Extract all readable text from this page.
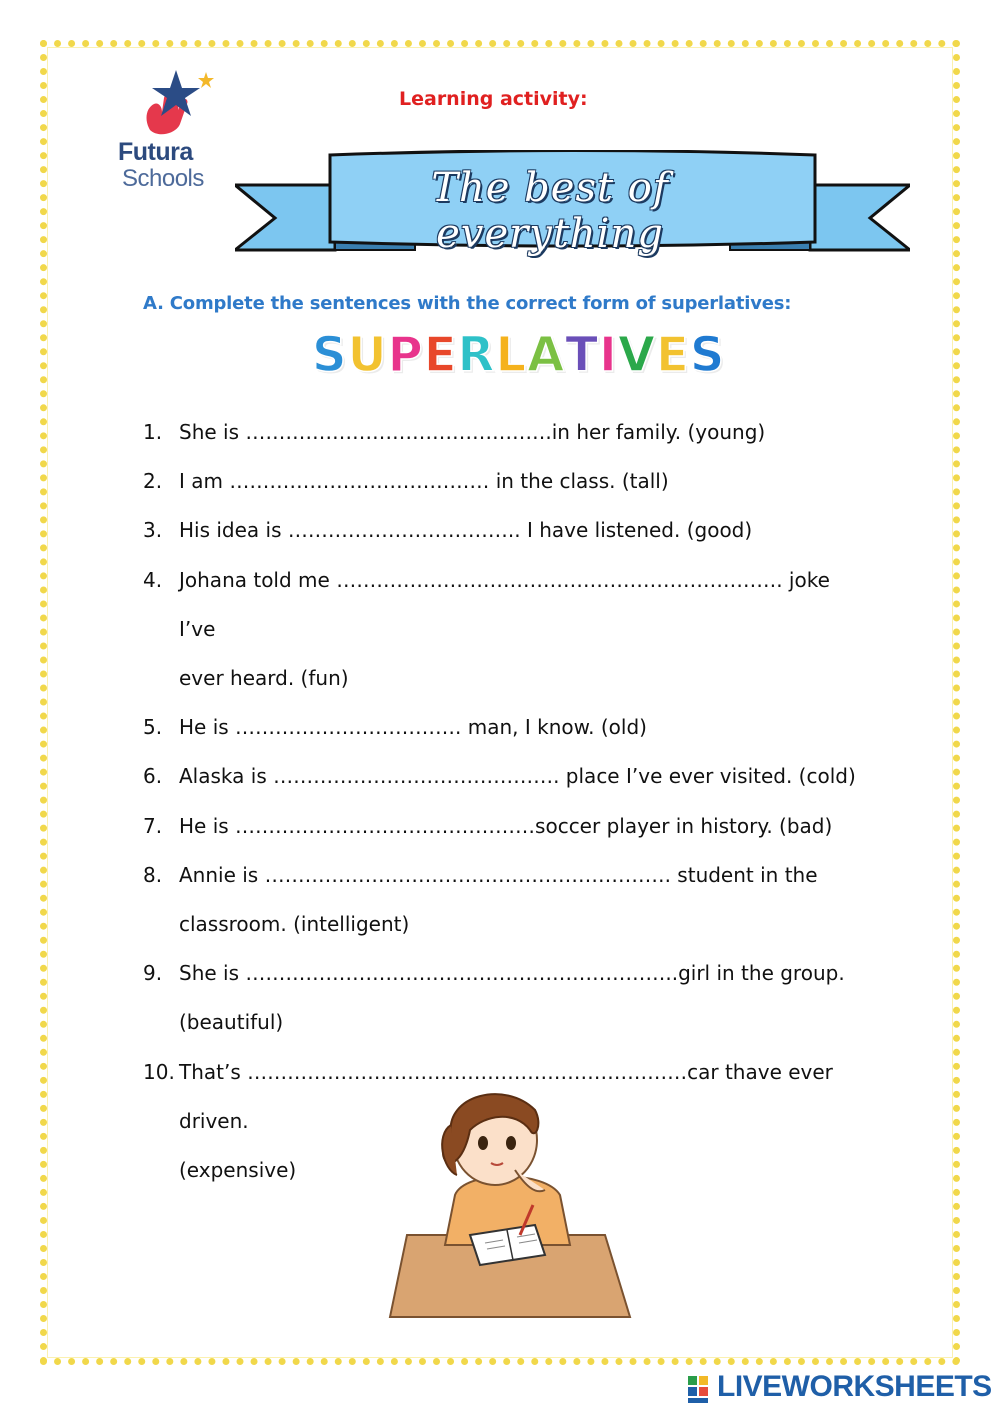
Futura
Schools
Learning activity:
The best of everything
A. Complete the sentences with the correct form of superlatives:
SUPERLATIVES
1. She is ……………………………………….in her family. (young)
2. I am ………………………………… in the class. (tall)
3. His idea is …………………………….. I have listened. (good)
4. Johana told me …………………………………………………………. joke I’ve
ever heard. (fun)
5. He is ……………………………. man, I know. (old)
6. Alaska is ……………………………………. place I’ve ever visited. (cold)
7. He is ………………………………………soccer player in history. (bad)
8. Annie is ……………………………………………………. student in the
classroom. (intelligent)
9. She is ………………………………………………………..girl in the group.
(beautiful)
10. That’s …………………………………………………………car thave ever driven.
(expensive)
LIVEWORKSHEETS
